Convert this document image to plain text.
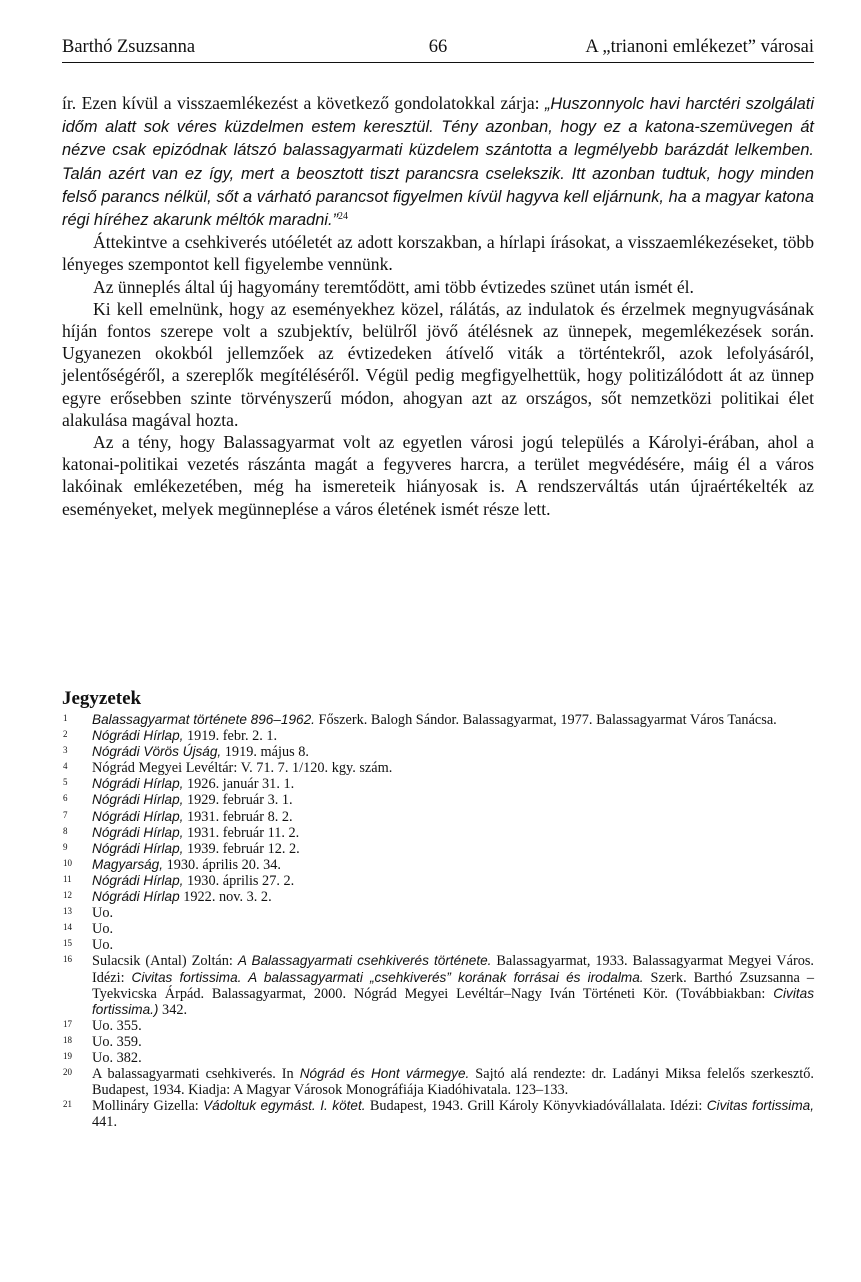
Barthó Zsuzsanna	66	A „trianoni emlékezet” városai

ír. Ezen kívül a visszaemlékezést a következő gondolatokkal zárja: „Huszonnyolc havi harctéri szolgálati időm alatt sok véres küzdelmen estem keresztül. Tény azonban, hogy ez a katona-szemüvegen át nézve csak epizódnak látszó balassagyarmati küzdelem szántotta a legmélyebb barázdát lelkemben. Talán azért van ez így, mert a beosztott tiszt parancsra cselekszik. Itt azonban tudtuk, hogy minden felső parancs nélkül, sőt a várható parancsot figyelmen kívül hagyva kell eljárnunk, ha a magyar katona régi híréhez akarunk méltók maradni.”$^{24}$

Áttekintve a csehkiverés utóéletét az adott korszakban, a hírlapi írásokat, a visszaemlékezéseket, több lényeges szempontot kell figyelembe vennünk.

Az ünneplés által új hagyomány teremtődött, ami több évtizedes szünet után ismét él.

Ki kell emelnünk, hogy az eseményekhez közel, rálátás, az indulatok és érzelmek megnyugvásának híján fontos szerepe volt a szubjektív, belülről jövő átélésnek az ünnepek, megemlékezések során. Ugyanezen okokból jellemzőek az évtizedeken átívelő viták a történtekről, azok lefolyásáról, jelentőségéről, a szereplők megítéléséről. Végül pedig megfigyelhettük, hogy politizálódott át az ünnep egyre erősebben szinte törvényszerű módon, ahogyan azt az országos, sőt nemzetközi politikai élet alakulása magával hozta.

Az a tény, hogy Balassagyarmat volt az egyetlen városi jogú település a Károlyi-érában, ahol a katonai-politikai vezetés rászánta magát a fegyveres harcra, a terület megvédésére, máig él a város lakóinak emlékezetében, még ha ismereteik hiányosak is. A rendszerváltás után újraértékelték az eseményeket, melyek megünneplése a város életének ismét része lett.

Jegyzetek
1	Balassagyarmat története 896–1962. Főszerk. Balogh Sándor. Balassagyarmat, 1977. Balassagyarmat Város Tanácsa.
2	Nógrádi Hírlap, 1919. febr. 2. 1.
3	Nógrádi Vörös Újság, 1919. május 8.
4	Nógrád Megyei Levéltár: V. 71. 7. 1/120. kgy. szám.
5	Nógrádi Hírlap, 1926. január 31. 1.
6	Nógrádi Hírlap, 1929. február 3. 1.
7	Nógrádi Hírlap, 1931. február 8. 2.
8	Nógrádi Hírlap, 1931. február 11. 2.
9	Nógrádi Hírlap, 1939. február 12. 2.
10	Magyarság, 1930. április 20. 34.
11	Nógrádi Hírlap, 1930. április 27. 2.
12	Nógrádi Hírlap 1922. nov. 3. 2.
13	Uo.
14	Uo.
15	Uo.
16	Sulacsik (Antal) Zoltán: A Balassagyarmati csehkiverés története. Balassagyarmat, 1933. Balassagyarmat Megyei Város. Idézi: Civitas fortissima. A balassagyarmati „csehkiverés” korának forrásai és irodalma. Szerk. Barthó Zsuzsanna – Tyekvicska Árpád. Balassagyarmat, 2000. Nógrád Megyei Levéltár–Nagy Iván Történeti Kör. (Továbbiakban: Civitas fortissima.) 342.
17	Uo. 355.
18	Uo. 359.
19	Uo. 382.
20	A balassagyarmati csehkiverés. In Nógrád és Hont vármegye. Sajtó alá rendezte: dr. Ladányi Miksa felelős szerkesztő. Budapest, 1934. Kiadja: A Magyar Városok Monográfiája Kiadóhivatala. 123–133.
21	Mollináry Gizella: Vádoltuk egymást. I. kötet. Budapest, 1943. Grill Károly Könyvkiadóvállalata. Idézi: Civitas fortissima, 441.
